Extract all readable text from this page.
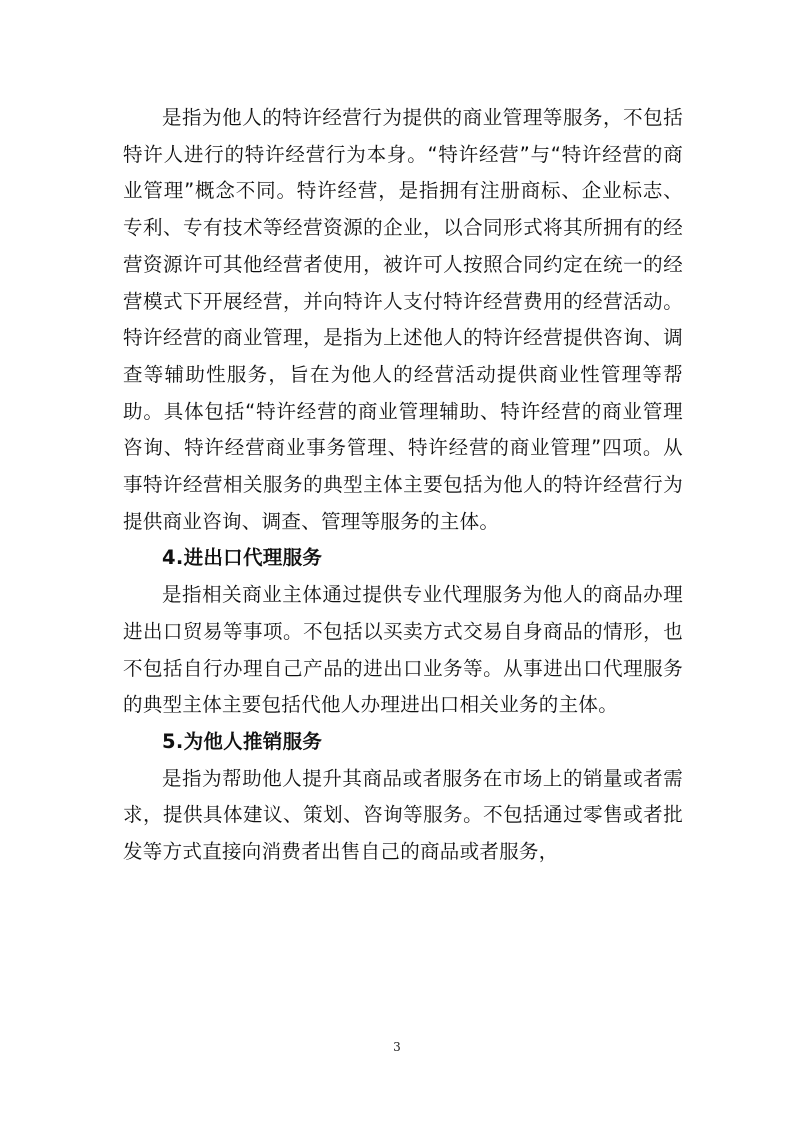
是指为他人的特许经营行为提供的商业管理等服务，不包括特许人进行的特许经营行为本身。“特许经营”与“特许经营的商业管理”概念不同。特许经营，是指拥有注册商标、企业标志、专利、专有技术等经营资源的企业，以合同形式将其所拥有的经营资源许可其他经营者使用，被许可人按照合同约定在统一的经营模式下开展经营，并向特许人支付特许经营费用的经营活动。特许经营的商业管理，是指为上述他人的特许经营提供咨询、调查等辅助性服务，旨在为他人的经营活动提供商业性管理等帮助。具体包括“特许经营的商业管理辅助、特许经营的商业管理咨询、特许经营商业事务管理、特许经营的商业管理”四项。从事特许经营相关服务的典型主体主要包括为他人的特许经营行为提供商业咨询、调查、管理等服务的主体。

4.进出口代理服务

是指相关商业主体通过提供专业代理服务为他人的商品办理进出口贸易等事项。不包括以买卖方式交易自身商品的情形，也不包括自行办理自己产品的进出口业务等。从事进出口代理服务的典型主体主要包括代他人办理进出口相关业务的主体。

5.为他人推销服务

是指为帮助他人提升其商品或者服务在市场上的销量或者需求，提供具体建议、策划、咨询等服务。不包括通过零售或者批发等方式直接向消费者出售自己的商品或者服务，

3
